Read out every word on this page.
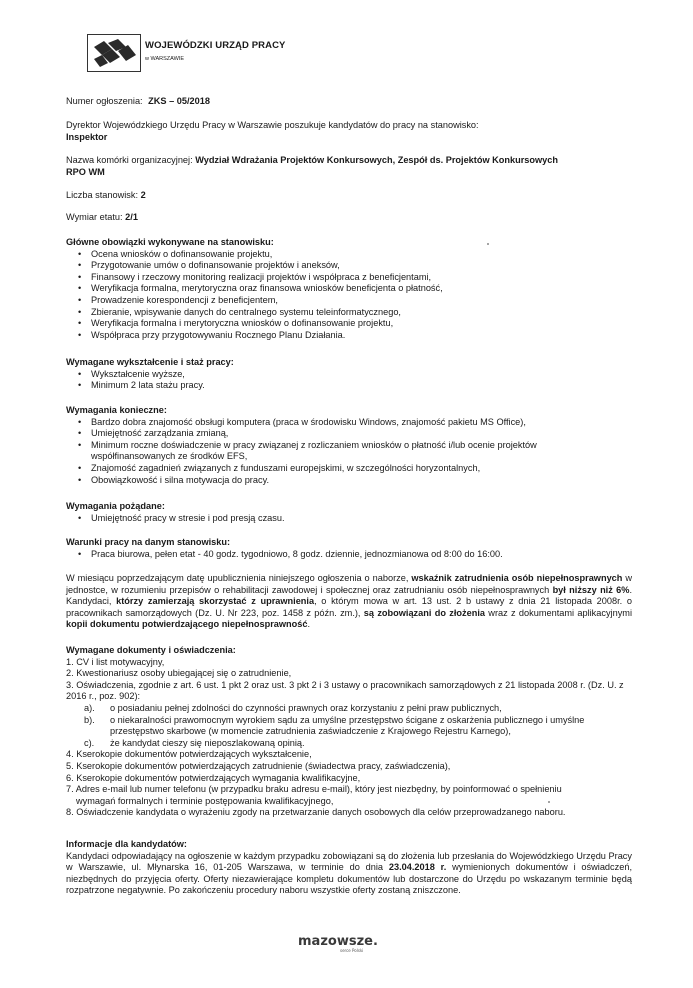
WOJEWÓDZKI URZĄD PRACY
w WARSZAWIE
Numer ogłoszenia: ZKS – 05/2018

Dyrektor Wojewódzkiego Urzędu Pracy w Warszawie poszukuje kandydatów do pracy na stanowisko:

Inspektor

Nazwa komórki organizacyjnej: Wydział Wdrażania Projektów Konkursowych, Zespół ds. Projektów Konkursowych

RPO WM

Liczba stanowisk: 2
Wymiar etatu: 2/1

Główne obowiązki wykonywane na stanowisku:

• Ocena wniosków o dofinansowanie projektu,
• Przygotowanie umów o dofinansowanie projektów i aneksów,
• Finansowy i rzeczowy monitoring realizacji projektów i współpraca z beneficjentami,
• Weryfikacja formalna, merytoryczna oraz finansowa wniosków beneficjenta o płatność,
• Prowadzenie korespondencji z beneficjentem,
• Zbieranie, wpisywanie danych do centralnego systemu teleinformatycznego,
• Weryfikacja formalna i merytoryczna wniosków o dofinansowanie projektu,
• Współpraca przy przygotowywaniu Rocznego Planu Działania.

Wymagane wykształcenie i staż pracy:

• Wykształcenie wyższe,
• Minimum 2 lata stażu pracy.

Wymagania konieczne:

• Bardzo dobra znajomość obsługi komputera (praca w środowisku Windows, znajomość pakietu MS Office),
• Umiejętność zarządzania zmianą,
• Minimum roczne doświadczenie w pracy związanej z rozliczaniem wniosków o płatność i/lub ocenie projektów współfinansowanych ze środków EFS,
• Znajomość zagadnień związanych z funduszami europejskimi, w szczególności horyzontalnych,
• Obowiązkowość i silna motywacja do pracy.

Wymagania pożądane:

• Umiejętność pracy w stresie i pod presją czasu.

Warunki pracy na danym stanowisku:

• Praca biurowa, pełen etat - 40 godz. tygodniowo, 8 godz. dziennie, jednozmianowa od 8:00 do 16:00.

W miesiącu poprzedzającym datę upublicznienia niniejszego ogłoszenia o naborze, wskaźnik zatrudnienia osób niepełnosprawnych w jednostce, w rozumieniu przepisów o rehabilitacji zawodowej i społecznej oraz zatrudnianiu osób niepełnosprawnych był niższy niż 6%. Kandydaci, którzy zamierzają skorzystać z uprawnienia, o którym mowa w art. 13 ust. 2 b ustawy z dnia 21 listopada 2008r. o pracownikach samorządowych (Dz. U. Nr 223, poz. 1458 z późn. zm.), są zobowiązani do złożenia wraz z dokumentami aplikacyjnymi kopii dokumentu potwierdzającego niepełnosprawność.

Wymagane dokumenty i oświadczenia:

1. CV i list motywacyjny,

2. Kwestionariusz osoby ubiegającej się o zatrudnienie,

3. Oświadczenia, zgodnie z art. 6 ust. 1 pkt 2 oraz ust. 3 pkt 2 i 3 ustawy o pracownikach samorządowych z 21 listopada 2008 r. (Dz. U. z 2016 r., poz. 902):

a). o posiadaniu pełnej zdolności do czynności prawnych oraz korzystaniu z pełni praw publicznych,
b). o niekaralności prawomocnym wyrokiem sądu za umyślne przestępstwo ścigane z oskarżenia publicznego i umyślne przestępstwo skarbowe (w momencie zatrudnienia zaświadczenie z Krajowego Rejestru Karnego),
c). że kandydat cieszy się nieposzlakowaną opinią.

4. Kserokopie dokumentów potwierdzających wykształcenie,

5. Kserokopie dokumentów potwierdzających zatrudnienie (świadectwa pracy, zaświadczenia),

6. Kserokopie dokumentów potwierdzających wymagania kwalifikacyjne,

7. Adres e-mail lub numer telefonu (w przypadku braku adresu e-mail), który jest niezbędny, by poinformować o spełnieniu

wymagań formalnych i terminie postępowania kwalifikacyjnego,

8. Oświadczenie kandydata o wyrażeniu zgody na przetwarzanie danych osobowych dla celów przeprowadzanego naboru.

Informacje dla kandydatów:

Kandydaci odpowiadający na ogłoszenie w każdym przypadku zobowiązani są do złożenia lub przesłania do Wojewódzkiego Urzędu Pracy w Warszawie, ul. Młynarska 16, 01-205 Warszawa, w terminie do dnia 23.04.2018 r. wymienionych dokumentów i oświadczeń, niezbędnych do przyjęcia oferty. Oferty niezawierające kompletu dokumentów lub dostarczone do Urzędu po wskazanym terminie będą rozpatrzone negatywnie. Po zakończeniu procedury naboru wszystkie oferty zostaną zniszczone.

mazowsze.
serce Polski
